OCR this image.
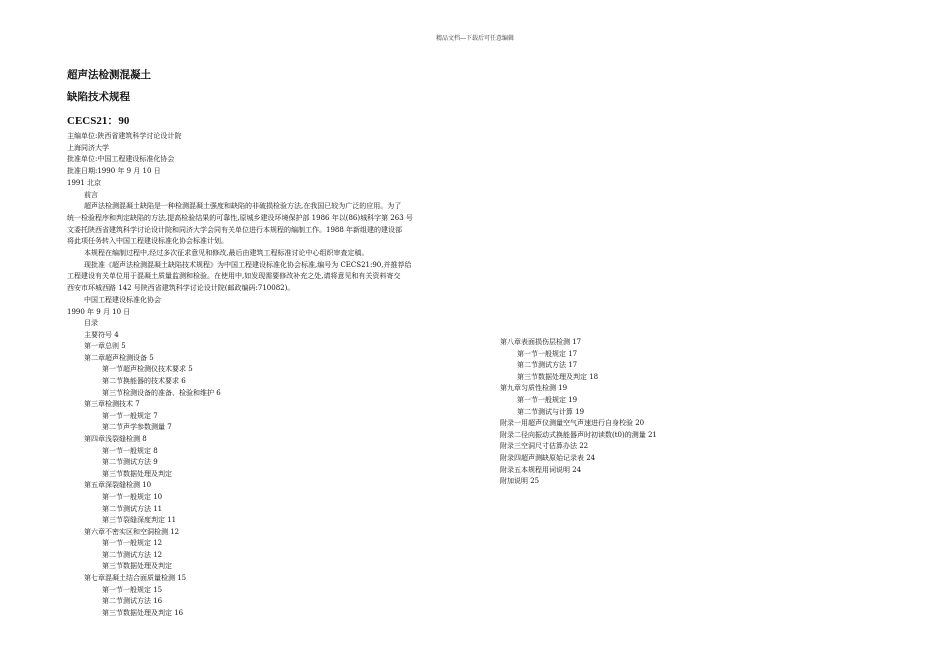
精品文档---下载后可任意编辑
超声法检测混凝土
缺陷技术规程
CECS21：90
主编单位:陕西省建筑科学讨论设计院
上海同济大学
批准单位:中国工程建设标准化协会
批准日期:1990 年 9 月 10 日
1991 北京
前言
超声法检测混凝土缺陷是一种检测混凝土强度和缺陷的非破损检验方法,在我国已较为广泛的应用。为了
统一检验程序和判定缺陷的方法,提高检验结果的可靠性,原城乡建设环境保护部 1986 年以(86)城科字第 263 号
文委托陕西省建筑科学讨论设计院和同济大学会同有关单位进行本规程的编制工作。1988 年新组建的建设部
将此项任务转入中国工程建设标准化协会标准计划。
本规程在编制过程中,经过多次征求意见和修改,最后由建筑工程标准讨论中心组织审查定稿。
现批准《超声法检测混凝土缺陷技术规程》为中国工程建设标准化协会标准,编号为 CECS21:90,并推荐给
工程建设有关单位用于混凝土质量监测和检验。在使用中,如发现需要修改补充之处,请将意见和有关资料寄交
西安市环城西路 142 号陕西省建筑科学讨论设计院(邮政编码:710082)。
中国工程建设标准化协会
1990 年 9 月 10 日
目录
主要符号 4
第一章总则 5
第二章超声检测设备 5
第一节超声检测仪技术要求 5
第二节换能器的技术要求 6
第三节检测设备的准备、检验和维护 6
第三章检测技术 7
第一节一般规定 7
第二节声学参数测量 7
第四章浅裂缝检测 8
第一节一般规定 8
第二节测试方法 9
第三节数据处理及判定
第五章深裂缝检测 10
第一节一般规定 10
第二节测试方法 11
第三节裂缝深度判定 11
第六章不密实区和空洞检测 12
第一节一般规定 12
第二节测试方法 12
第三节数据处理及判定
第七章混凝土结合面质量检测 15
第一节一般规定 15
第二节测试方法 16
第三节数据处理及判定 16
第八章表面损伤层检测 17
第一节一般规定 17
第二节测试方法 17
第三节数据处理及判定 18
第九章匀质性检测 19
第一节一般规定 19
第二节测试与计算 19
附录一用超声仪测量空气声速进行自身校验 20
附录二径向振动式换能器声时初读数(t0)的测量 21
附录三空洞尺寸估算办法 22
附录四超声测缺原始记录表 24
附录五本规程用词说明 24
附加说明 25
